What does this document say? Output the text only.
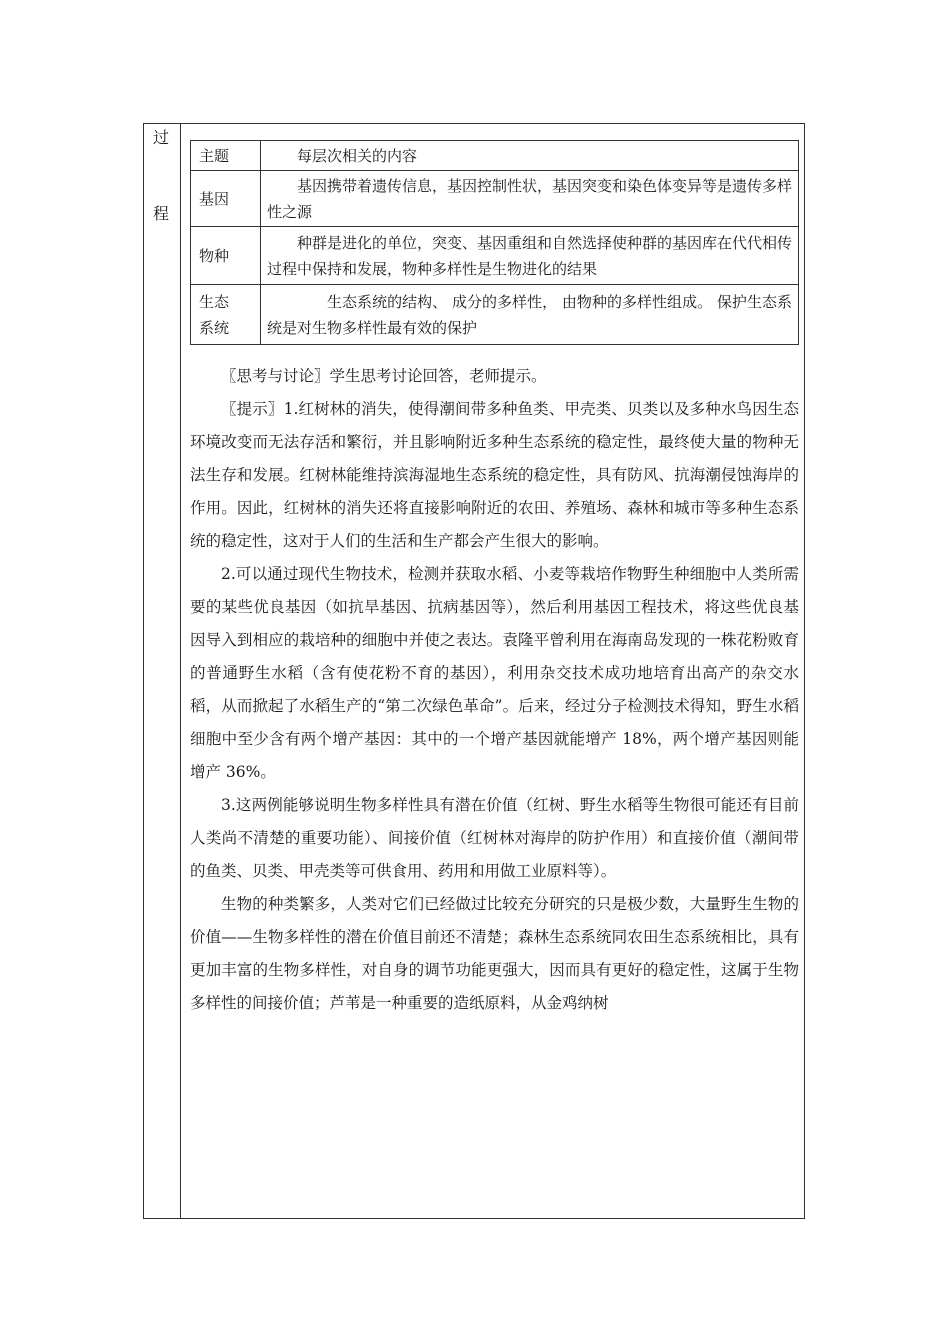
过
程
主题	每层次相关的内容
基因	基因携带着遗传信息，基因控制性状，基因突变和染色体变异等是遗传多样性之源
物种	种群是进化的单位，突变、基因重组和自然选择使种群的基因库在代代相传过程中保持和发展，物种多样性是生物进化的结果
生态
系统	生态系统的结构、 成分的多样性， 由物种的多样性组成。 保护生态系统是对生物多样性最有效的保护

〖思考与讨论〗学生思考讨论回答，老师提示。

〖提示〗1.红树林的消失，使得潮间带多种鱼类、甲壳类、贝类以及多种水鸟因生态环境改变而无法存活和繁衍，并且影响附近多种生态系统的稳定性，最终使大量的物种无法生存和发展。红树林能维持滨海湿地生态系统的稳定性，具有防风、抗海潮侵蚀海岸的作用。因此，红树林的消失还将直接影响附近的农田、养殖场、森林和城市等多种生态系统的稳定性，这对于人们的生活和生产都会产生很大的影响。

2.可以通过现代生物技术，检测并获取水稻、小麦等栽培作物野生种细胞中人类所需要的某些优良基因（如抗旱基因、抗病基因等），然后利用基因工程技术，将这些优良基因导入到相应的栽培种的细胞中并使之表达。袁隆平曾利用在海南岛发现的一株花粉败育的普通野生水稻（含有使花粉不育的基因），利用杂交技术成功地培育出高产的杂交水稻，从而掀起了水稻生产的“第二次绿色革命”。后来，经过分子检测技术得知，野生水稻细胞中至少含有两个增产基因：其中的一个增产基因就能增产 18%，两个增产基因则能增产 36%。

3.这两例能够说明生物多样性具有潜在价值（红树、野生水稻等生物很可能还有目前人类尚不清楚的重要功能）、间接价值（红树林对海岸的防护作用）和直接价值（潮间带的鱼类、贝类、甲壳类等可供食用、药用和用做工业原料等）。

生物的种类繁多，人类对它们已经做过比较充分研究的只是极少数，大量野生生物的价值——生物多样性的潜在价值目前还不清楚；森林生态系统同农田生态系统相比，具有更加丰富的生物多样性，对自身的调节功能更强大，因而具有更好的稳定性，这属于生物多样性的间接价值；芦苇是一种重要的造纸原料，从金鸡纳树
